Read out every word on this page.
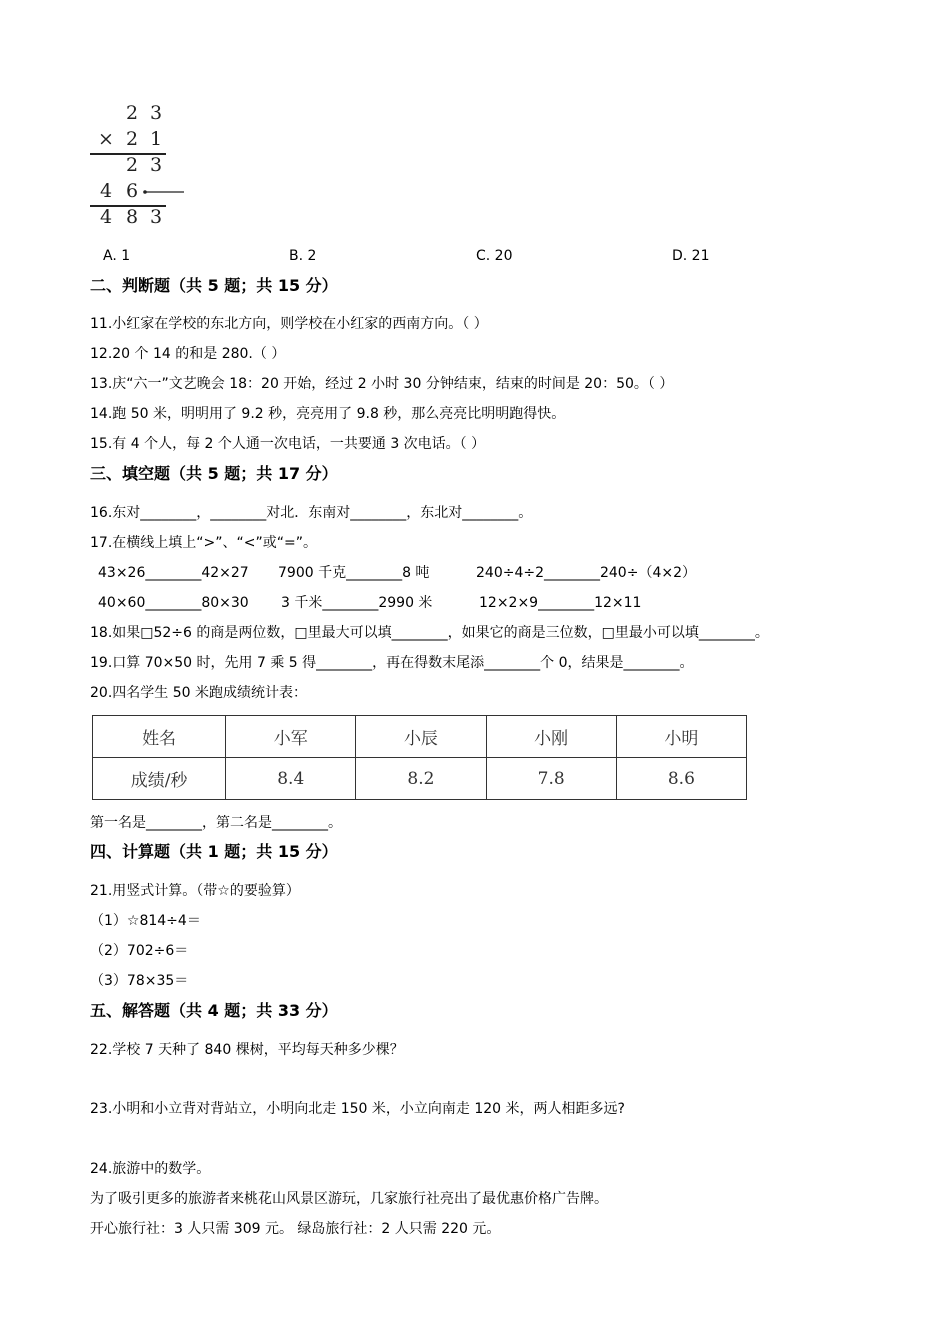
2 3
× 2 1
2 3
4 6
4 8 3
A. 1	B. 2	C. 20	D. 21
二、判断题（共 5 题；共 15 分）
11.小红家在学校的东北方向，则学校在小红家的西南方向。（ ）
12.20 个 14 的和是 280.（ ）
13.庆“六一”文艺晚会 18：20 开始，经过 2 小时 30 分钟结束，结束的时间是 20：50。（ ）
14.跑 50 米，明明用了 9.2 秒，亮亮用了 9.8 秒，那么亮亮比明明跑得快。
15.有 4 个人，每 2 个人通一次电话，一共要通 3 次电话。（ ）
三、填空题（共 5 题；共 17 分）
16.东对________，________对北．东南对________，东北对________。
17.在横线上填上“>”、“<”或“=”。
43×26________42×27 7900 千克________8 吨	240÷4÷2________240÷（4×2）
40×60________80×30 3 千米________2990 米	12×2×9________12×11
18.如果□52÷6 的商是两位数，□里最大可以填________，如果它的商是三位数，□里最小可以填________。
19.口算 70×50 时，先用 7 乘 5 得________，再在得数末尾添________个 0，结果是________。
20.四名学生 50 米跑成绩统计表：
姓名	小军	小辰	小刚	小明
成绩/秒	8.4	8.2	7.8	8.6
第一名是________，第二名是________。
四、计算题（共 1 题；共 15 分）
21.用竖式计算。（带☆的要验算）
（1）☆814÷4＝
（2）702÷6＝
（3）78×35＝
五、解答题（共 4 题；共 33 分）
22.学校 7 天种了 840 棵树，平均每天种多少棵？
23.小明和小立背对背站立，小明向北走 150 米，小立向南走 120 米，两人相距多远?
24.旅游中的数学。
为了吸引更多的旅游者来桃花山风景区游玩，几家旅行社亮出了最优惠价格广告牌。
开心旅行社：3 人只需 309 元。 绿岛旅行社：2 人只需 220 元。
